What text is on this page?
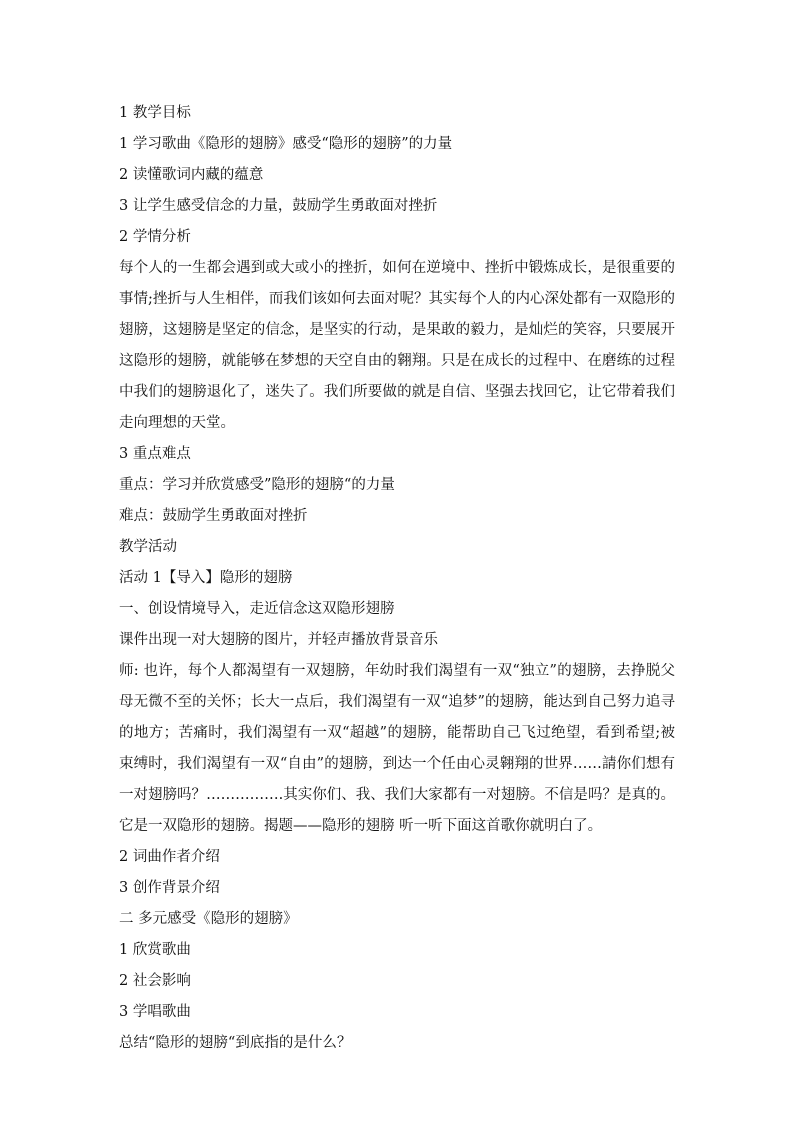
1 教学目标
1 学习歌曲《隐形的翅膀》感受“隐形的翅膀”的力量
2 读懂歌词内藏的蕴意
3 让学生感受信念的力量，鼓励学生勇敢面对挫折
2 学情分析
每个人的一生都会遇到或大或小的挫折，如何在逆境中、挫折中锻炼成长，是很重要的事情;挫折与人生相伴，而我们该如何去面对呢？其实每个人的内心深处都有一双隐形的翅膀，这翅膀是坚定的信念，是坚实的行动，是果敢的毅力，是灿烂的笑容，只要展开这隐形的翅膀，就能够在梦想的天空自由的翱翔。只是在成长的过程中、在磨练的过程中我们的翅膀退化了，迷失了。我们所要做的就是自信、坚强去找回它，让它带着我们走向理想的天堂。
3 重点难点
重点：学习并欣赏感受”隐形的翅膀“的力量
难点：鼓励学生勇敢面对挫折
教学活动
活动 1【导入】隐形的翅膀
一、创设情境导入，走近信念这双隐形翅膀
课件出现一对大翅膀的图片，并轻声播放背景音乐
师: 也许，每个人都渴望有一双翅膀，年幼时我们渴望有一双“独立”的翅膀，去挣脱父母无微不至的关怀；长大一点后，我们渴望有一双“追梦”的翅膀，能达到自己努力追寻的地方；苦痛时，我们渴望有一双“超越”的翅膀，能帮助自己飞过绝望，看到希望;被束缚时，我们渴望有一双“自由”的翅膀，到达一个任由心灵翱翔的世界……請你们想有一对翅膀吗？…………….其实你们、我、我们大家都有一对翅膀。不信是吗？是真的。它是一双隐形的翅膀。揭题——隐形的翅膀 听一听下面这首歌你就明白了。
2 词曲作者介绍
3 创作背景介绍
二 多元感受《隐形的翅膀》
1 欣赏歌曲
2 社会影响
3 学唱歌曲
总结“隐形的翅膀“到底指的是什么？
